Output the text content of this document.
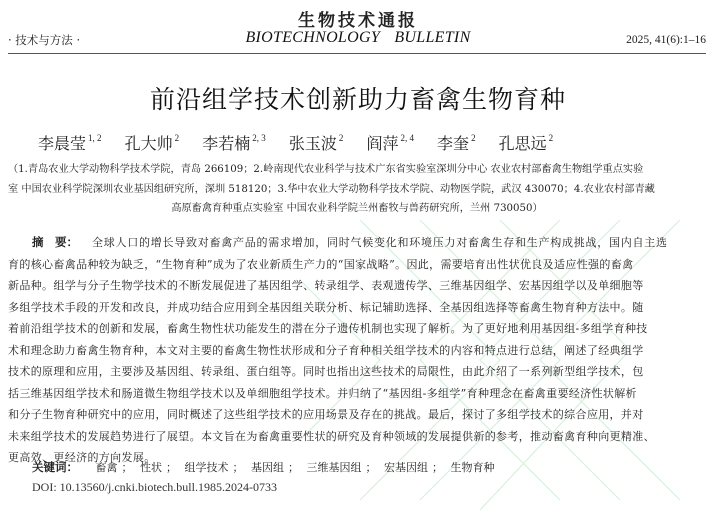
生物技术通报
· 技术与方法 ·	BIOTECHNOLOGY BULLETIN	2025, 41(6):1–16
前沿组学技术创新助力畜禽生物育种
李晨莹 $^{1, 2}$ 孔大帅 $^2$ 李若楠 $^{2, 3}$ 张玉波 $^2$ 阎萍 $^{2, 4}$ 李奎 $^2$ 孔思远 $^2$
（1.青岛农业大学动物科学技术学院，青岛 266109；2.岭南现代农业科学与技术广东省实验室深圳分中心 农业农村部畜禽生物组学重点实验
室 中国农业科学院深圳农业基因组研究所，深圳 518120；3.华中农业大学动物科学技术学院、动物医学院，武汉 430070；4.农业农村部青藏
高原畜禽育种重点实验室 中国农业科学院兰州畜牧与兽药研究所，兰州 730050）
摘　要： 全球人口的增长导致对畜禽产品的需求增加，同时气候变化和环境压力对畜禽生存和生产构成挑战，国内自主选
育的核心畜禽品种较为缺乏，“生物育种”成为了农业新质生产力的“国家战略”。因此，需要培育出性状优良及适应性强的畜禽
新品种。组学与分子生物学技术的不断发展促进了基因组学、转录组学、表观遗传学、三维基因组学、宏基因组学以及单细胞等
多组学技术手段的开发和改良，并成功结合应用到全基因组关联分析、标记辅助选择、全基因组选择等畜禽生物育种方法中。随
着前沿组学技术的创新和发展，畜禽生物性状功能发生的潜在分子遗传机制也实现了解析。为了更好地利用基因组-多组学育种技
术和理念助力畜禽生物育种，本文对主要的畜禽生物性状形成和分子育种相关组学技术的内容和特点进行总结，阐述了经典组学
技术的原理和应用，主要涉及基因组、转录组、蛋白组等。同时也指出这些技术的局限性，由此介绍了一系列新型组学技术，包
括三维基因组学技术和肠道微生物组学技术以及单细胞组学技术。并归纳了“基因组-多组学”育种理念在畜禽重要经济性状解析
和分子生物育种研究中的应用，同时概述了这些组学技术的应用场景及存在的挑战。最后，探讨了多组学技术的综合应用，并对
未来组学技术的发展趋势进行了展望。本文旨在为畜禽重要性状的研究及育种领域的发展提供新的参考，推动畜禽育种向更精准、
更高效、更经济的方向发展。
关键词： 畜禽 ； 性状 ； 组学技术 ； 基因组 ； 三维基因组 ； 宏基因组 ； 生物育种
DOI: 10.13560/j.cnki.biotech.bull.1985.2024-0733
